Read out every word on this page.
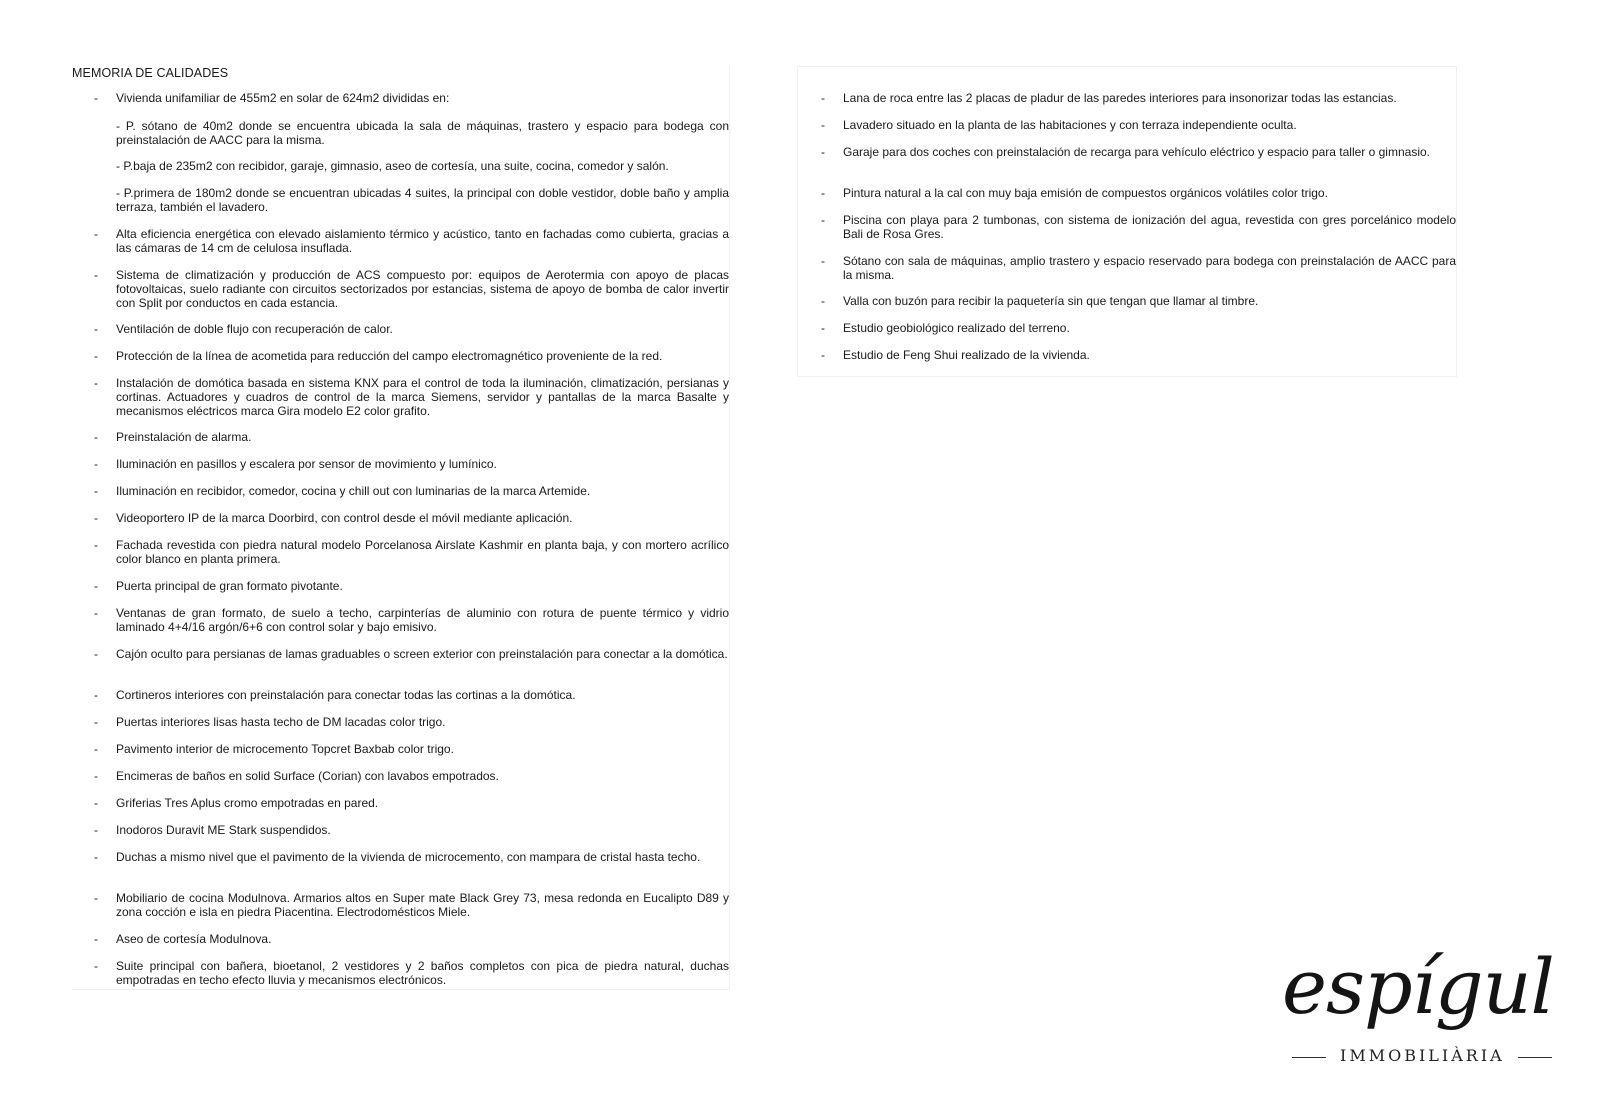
MEMORIA DE CALIDADES
- Vivienda unifamiliar de 455m2 en solar de 624m2 divididas en:
- Alta eficiencia energética con elevado aislamiento térmico y acústico, tanto en fachadas como cubierta, gracias a las cámaras de 14 cm de celulosa insuflada.
- Sistema de climatización y producción de ACS compuesto por: equipos de Aerotermia con apoyo de placas fotovoltaicas, suelo radiante con circuitos sectorizados por estancias, sistema de apoyo de bomba de calor invertir con Split por conductos en cada estancia.
- Ventilación de doble flujo con recuperación de calor.
- Protección de la línea de acometida para reducción del campo electromagnético proveniente de la red.
- Instalación de domótica basada en sistema KNX para el control de toda la iluminación, climatización, persianas y cortinas. Actuadores y cuadros de control de la marca Siemens, servidor y pantallas de la marca Basalte y mecanismos eléctricos marca Gira modelo E2 color grafito.
- Preinstalación de alarma.
- Iluminación en pasillos y escalera por sensor de movimiento y lumínico.
- Iluminación en recibidor, comedor, cocina y chill out con luminarias de la marca Artemide.
- Videoportero IP de la marca Doorbird, con control desde el móvil mediante aplicación.
- Fachada revestida con piedra natural modelo Porcelanosa Airslate Kashmir en planta baja, y con mortero acrílico color blanco en planta primera.
- Puerta principal de gran formato pivotante.
- Ventanas de gran formato, de suelo a techo, carpinterías de aluminio con rotura de puente térmico y vidrio laminado 4+4/16 argón/6+6 con control solar y bajo emisivo.
- Cajón oculto para persianas de lamas graduables o screen exterior con preinstalación para conectar a la domótica.
- Cortineros interiores con preinstalación para conectar todas las cortinas a la domótica.
- Puertas interiores lisas hasta techo de DM lacadas color trigo.
- Pavimento interior de microcemento Topcret Baxbab color trigo.
- Encimeras de baños en solid Surface (Corian) con lavabos empotrados.
- Griferias Tres Aplus cromo empotradas en pared.
- Inodoros Duravit ME Stark suspendidos.
- Duchas a mismo nivel que el pavimento de la vivienda de microcemento, con mampara de cristal hasta techo.
- Mobiliario de cocina Modulnova. Armarios altos en Super mate Black Grey 73, mesa redonda en Eucalipto D89 y zona cocción e isla en piedra Piacentina. Electrodomésticos Miele.
- Aseo de cortesía Modulnova.
- Suite principal con bañera, bioetanol, 2 vestidores y 2 baños completos con pica de piedra natural, duchas empotradas en techo efecto lluvia y mecanismos electrónicos.
- P. sótano de 40m2 donde se encuentra ubicada la sala de máquinas, trastero y espacio para bodega con preinstalación de AACC para la misma.
- P.baja de 235m2 con recibidor, garaje, gimnasio, aseo de cortesía, una suite, cocina, comedor y salón.
- P.primera de 180m2 donde se encuentran ubicadas 4 suites, la principal con doble vestidor, doble baño y amplia terraza, también el lavadero.
- Lana de roca entre las 2 placas de pladur de las paredes interiores para insonorizar todas las estancias.
- Lavadero situado en la planta de las habitaciones y con terraza independiente oculta.
- Garaje para dos coches con preinstalación de recarga para vehículo eléctrico y espacio para taller o gimnasio.
- Pintura natural a la cal con muy baja emisión de compuestos orgánicos volátiles color trigo.
- Piscina con playa para 2 tumbonas, con sistema de ionización del agua, revestida con gres porcelánico modelo Bali de Rosa Gres.
- Sótano con sala de máquinas, amplio trastero y espacio reservado para bodega con preinstalación de AACC para la misma.
- Valla con buzón para recibir la paquetería sin que tengan que llamar al timbre.
- Estudio geobiológico realizado del terreno.
- Estudio de Feng Shui realizado de la vivienda.
espígul
IMMOBILIÀRIA
